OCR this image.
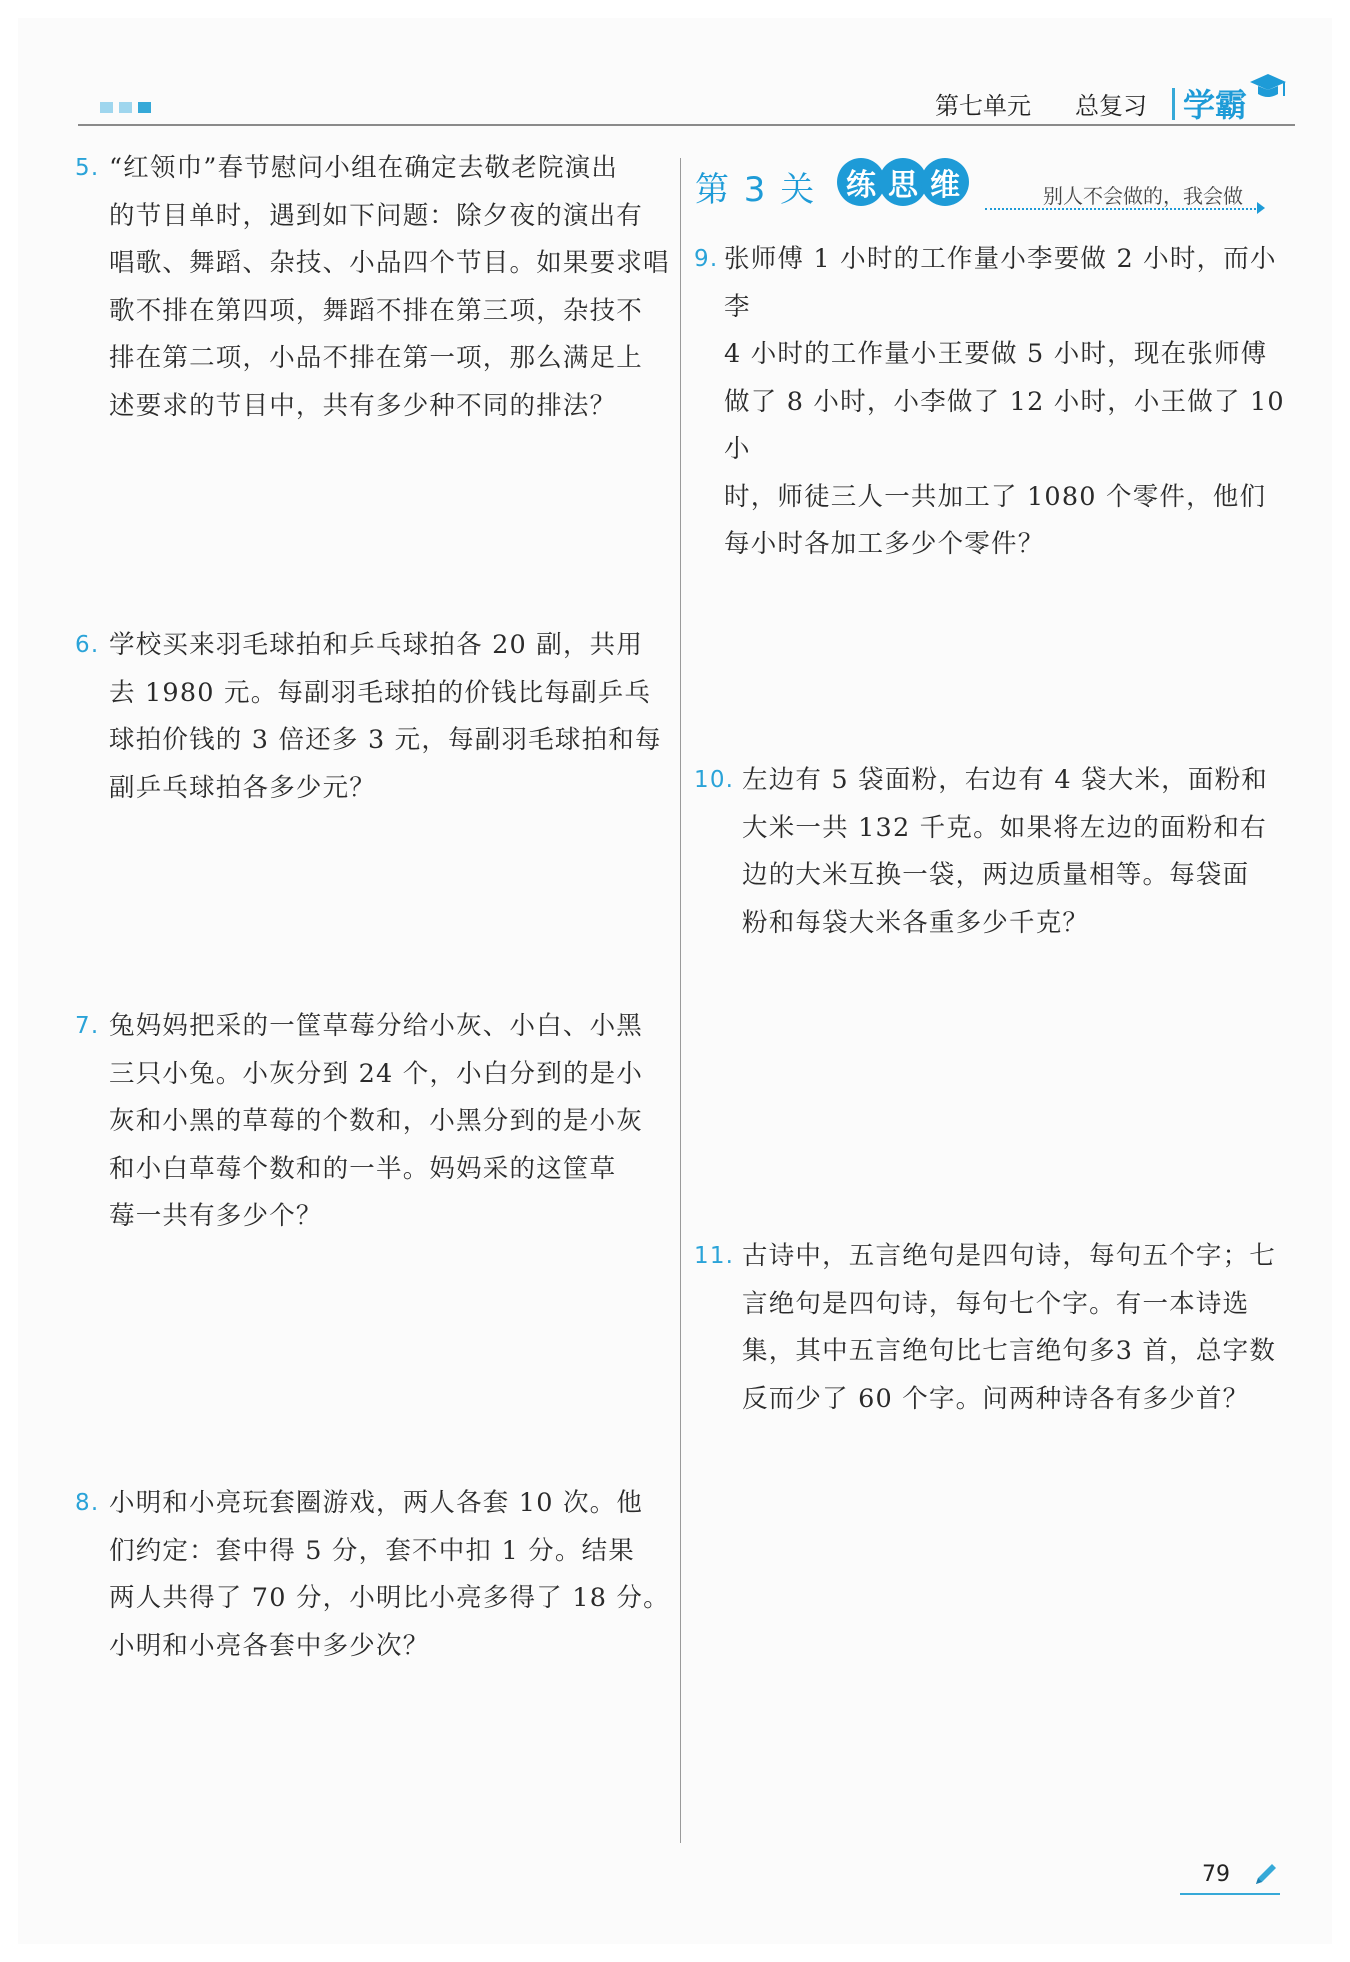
第七单元 总复习 学霸
第 3 关 练 思 维	别人不会做的，我会做
5. “红领巾”春节慰问小组在确定去敬老院演出
的节目单时，遇到如下问题：除夕夜的演出有
唱歌、舞蹈、杂技、小品四个节目。如果要求唱
歌不排在第四项，舞蹈不排在第三项，杂技不
排在第二项，小品不排在第一项，那么满足上
述要求的节目中，共有多少种不同的排法？
6. 学校买来羽毛球拍和乒乓球拍各 20 副，共用
去 1980 元。每副羽毛球拍的价钱比每副乒乓
球拍价钱的 3 倍还多 3 元，每副羽毛球拍和每
副乒乓球拍各多少元？
7. 兔妈妈把采的一筐草莓分给小灰、小白、小黑
三只小兔。小灰分到 24 个，小白分到的是小
灰和小黑的草莓的个数和，小黑分到的是小灰
和小白草莓个数和的一半。妈妈采的这筐草
莓一共有多少个？
8. 小明和小亮玩套圈游戏，两人各套 10 次。他
们约定：套中得 5 分，套不中扣 1 分。结果
两人共得了 70 分，小明比小亮多得了 18 分。
小明和小亮各套中多少次？
9. 张师傅 1 小时的工作量小李要做 2 小时，而小李
4 小时的工作量小王要做 5 小时，现在张师傅
做了 8 小时，小李做了 12 小时，小王做了 10 小
时，师徒三人一共加工了 1080 个零件，他们
每小时各加工多少个零件？
10. 左边有 5 袋面粉，右边有 4 袋大米，面粉和
大米一共 132 千克。如果将左边的面粉和右
边的大米互换一袋，两边质量相等。每袋面
粉和每袋大米各重多少千克？
11. 古诗中，五言绝句是四句诗，每句五个字；七
言绝句是四句诗，每句七个字。有一本诗选
集，其中五言绝句比七言绝句多3 首，总字数
反而少了 60 个字。问两种诗各有多少首？
79
